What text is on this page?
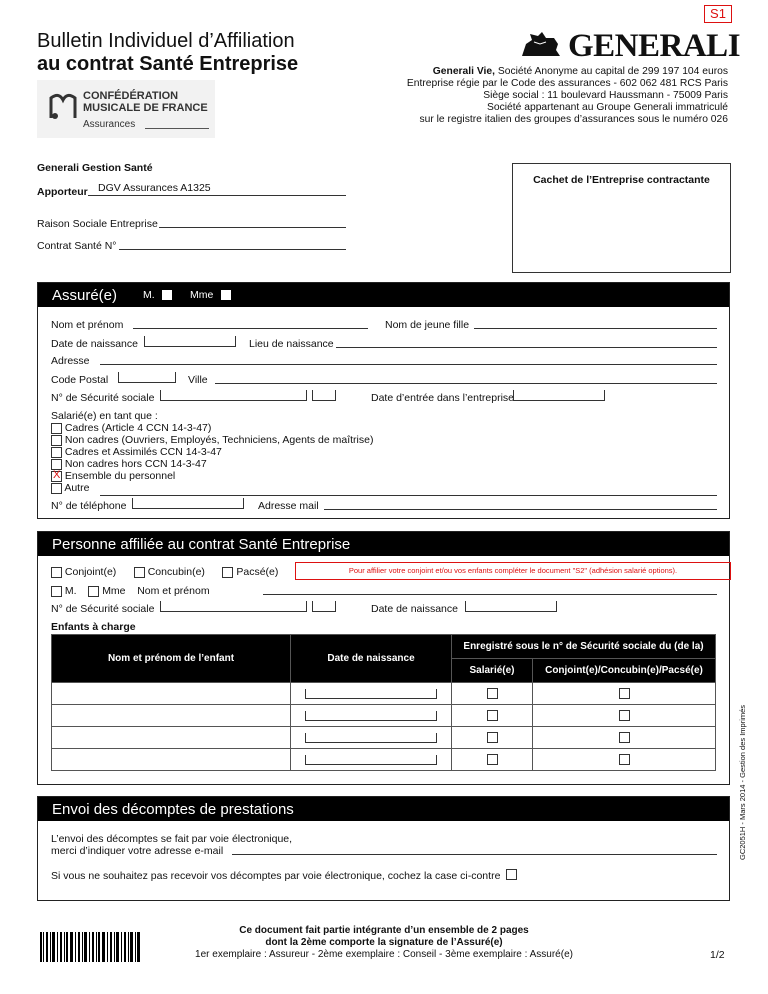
S1
Bulletin Individuel d’Affiliation
au contrat Santé Entreprise	GENERALI
Generali Vie, Société Anonyme au capital de 299 197 104 euros
Entreprise régie par le Code des assurances - 602 062 481 RCS Paris
Siège social : 11 boulevard Haussmann - 75009 Paris
Société appartenant au Groupe Generali immatriculé
sur le registre italien des groupes d’assurances sous le numéro 026
CONFÉDÉRATION
MUSICALE DE FRANCE
Assurances
Generali Gestion Santé
Apporteur DGV Assurances A1325
Raison Sociale Entreprise
Contrat Santé N°
Cachet de l’Entreprise contractante
Assuré(e) M.	Mme
Nom et prénom	Nom de jeune fille
Date de naissance	Lieu de naissance
Adresse
Code Postal	Ville
N° de Sécurité sociale	Date d’entrée dans l’entreprise
Salarié(e) en tant que :
Cadres (Article 4 CCN 14-3-47)
Non cadres (Ouvriers, Employés, Techniciens, Agents de maîtrise)
Cadres et Assimilés CCN 14-3-47
Non cadres hors CCN 14-3-47
X Ensemble du personnel
Autre
N° de téléphone	Adresse mail
Personne affiliée au contrat Santé Entreprise
Conjoint(e)	Concubin(e)	Pacsé(e)	Pour affilier votre conjoint et/ou vos enfants compléter le document "S2" (adhésion salarié options).
M. Mme Nom et prénom
N° de Sécurité sociale	Date de naissance
Enfants à charge
Nom et prénom de l’enfant	Date de naissance	Enregistré sous le n° de Sécurité sociale du (de la)	
		Salarié(e)	Conjoint(e)/Concubin(e)/Pacsé(e)

Envoi des décomptes de prestations
L’envoi des décomptes se fait par voie électronique,
merci d’indiquer votre adresse e-mail
Si vous ne souhaitez pas recevoir vos décomptes par voie électronique, cochez la case ci-contre
GC2051H - Mars 2014 - Gestion des Imprimés
Ce document fait partie intégrante d’un ensemble de 2 pages
dont la 2ème comporte la signature de l’Assuré(e)
1er exemplaire : Assureur - 2ème exemplaire : Conseil - 3ème exemplaire : Assuré(e)	1/2
